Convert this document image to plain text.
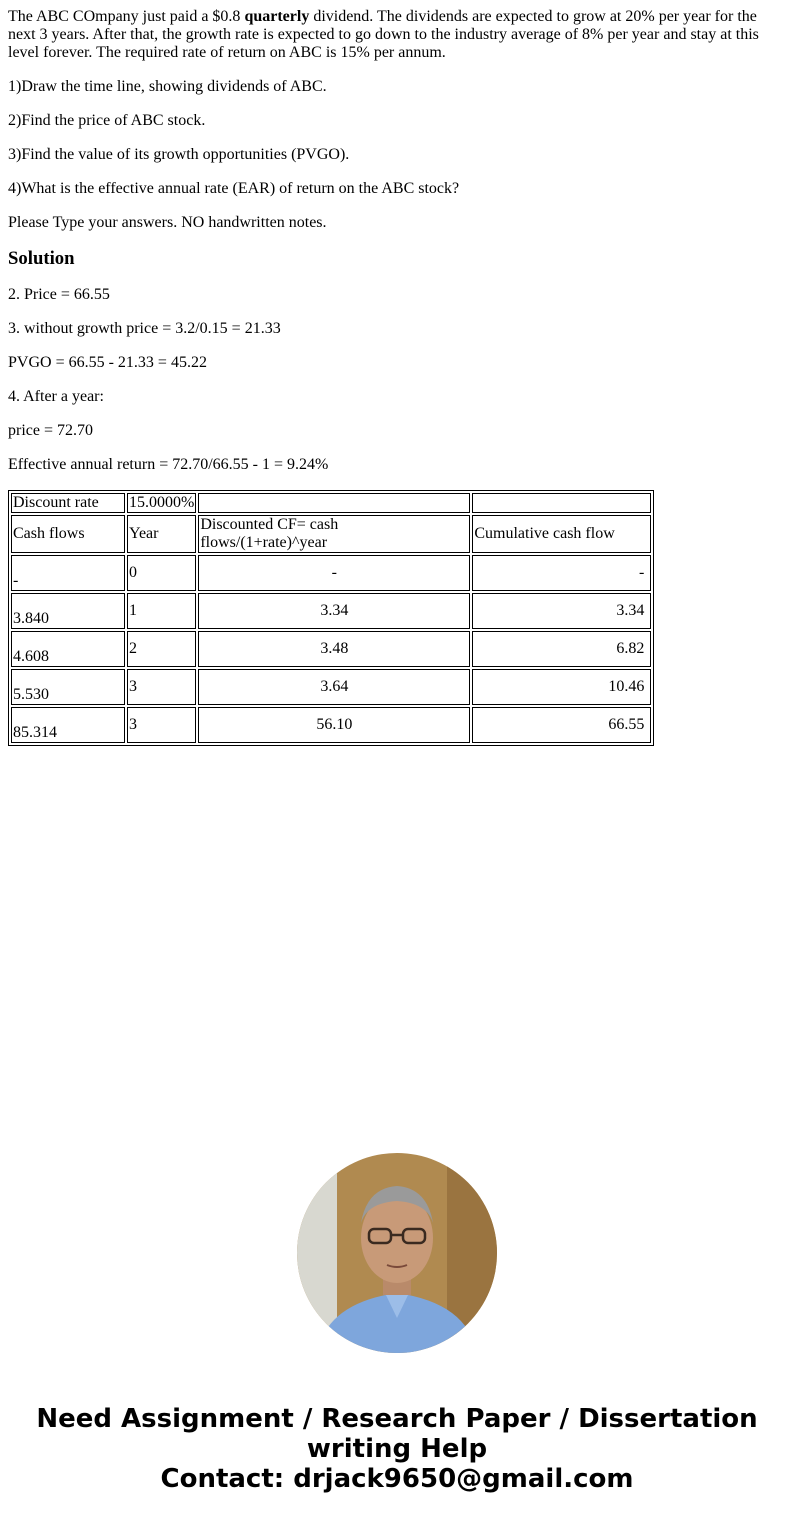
The ABC COmpany just paid a $0.8 quarterly dividend. The dividends are expected to grow at 20% per year for the next 3 years. After that, the growth rate is expected to go down to the industry average of 8% per year and stay at this level forever. The required rate of return on ABC is 15% per annum.

1)Draw the time line, showing dividends of ABC.

2)Find the price of ABC stock.

3)Find the value of its growth opportunities (PVGO).

4)What is the effective annual rate (EAR) of return on the ABC stock?

Please Type your answers. NO handwritten notes.

Solution

2. Price = 66.55

3. without growth price = 3.2/0.15 = 21.33

PVGO = 66.55 - 21.33 = 45.22

4. After a year:

price = 72.70

Effective annual return = 72.70/66.55 - 1 = 9.24%

Discount rate	15.0000%		
Cash flows	Year	Discounted CF= cash flows/(1+rate)^year	Cumulative cash flow
-	0	-	-
3.840	1	3.34	3.34
4.608	2	3.48	6.82
5.530	3	3.64	10.46
85.314	3	56.10	66.55
Need Assignment / Research Paper / Dissertation
writing Help
Contact: drjack9650@gmail.com
